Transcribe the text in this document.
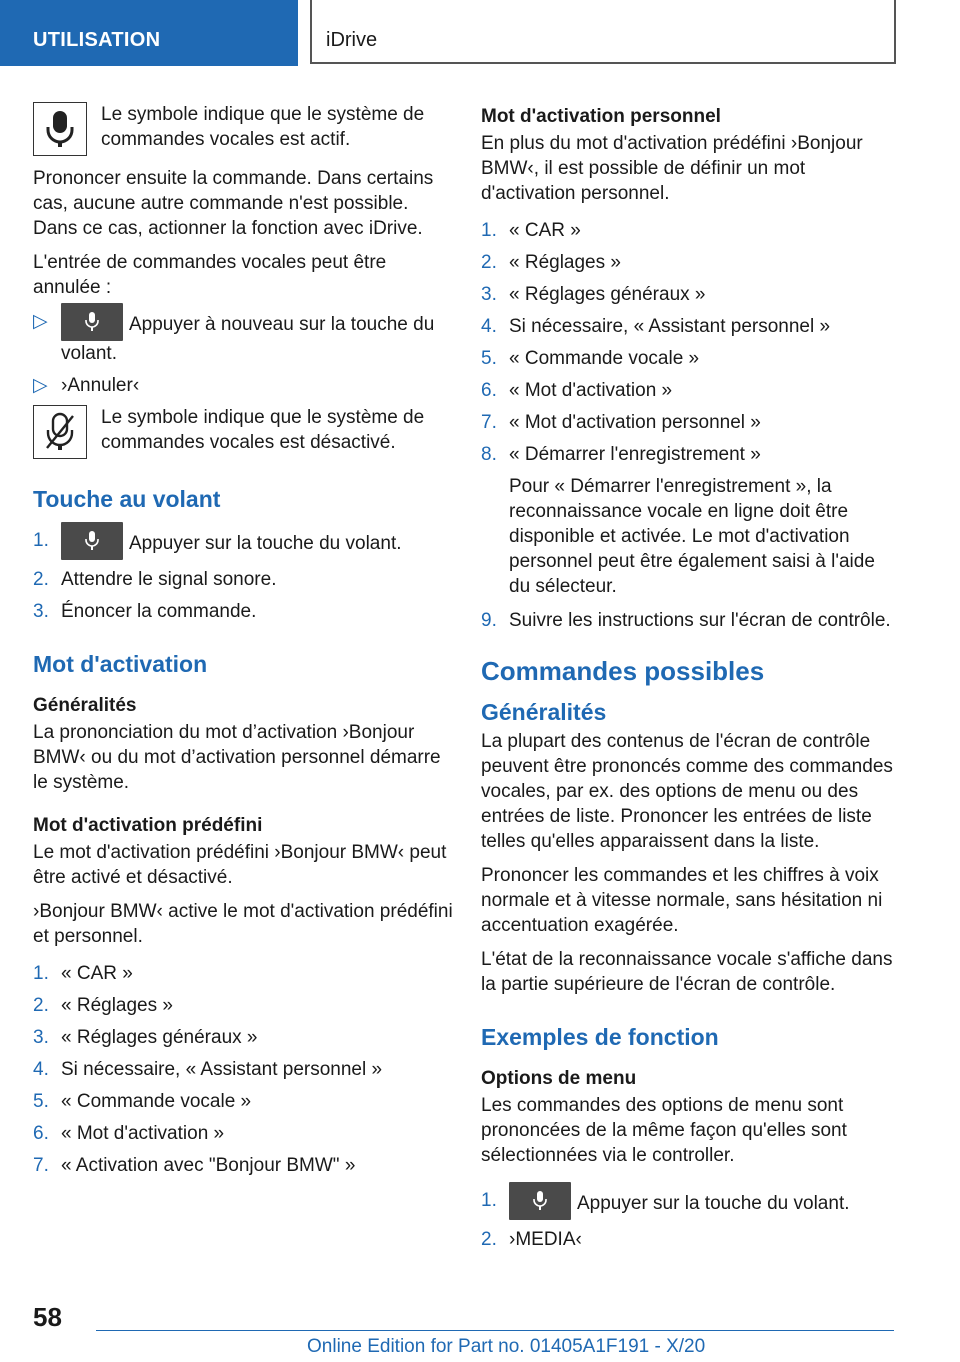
UTILISATION	iDrive
Le symbole indique que le système de commandes vocales est actif.

Prononcer ensuite la commande. Dans certains cas, aucune autre commande n'est possible. Dans ce cas, actionner la fonction avec iDrive.

L'entrée de commandes vocales peut être annulée :

▷	Appuyer à nouveau sur la touche du volant.
▷ ›Annuler‹
Le symbole indique que le système de commandes vocales est désactivé.
Touche au volant
1.	Appuyer sur la touche du volant.
2. Attendre le signal sonore.
3. Énoncer la commande.
Mot d'activation
Généralités

La prononciation du mot d’activation ›Bonjour BMW‹ ou du mot d’activation personnel démarre le système.

Mot d'activation prédéfini

Le mot d'activation prédéfini ›Bonjour BMW‹ peut être activé et désactivé.

›Bonjour BMW‹ active le mot d'activation prédéfini et personnel.

1. « CAR »
2. « Réglages »
3. « Réglages généraux »
4. Si nécessaire, « Assistant personnel »
5. « Commande vocale »
6. « Mot d'activation »
7. « Activation avec "Bonjour BMW" »
Mot d'activation personnel

En plus du mot d'activation prédéfini ›Bonjour BMW‹, il est possible de définir un mot d'activation personnel.

1. « CAR »
2. « Réglages »
3. « Réglages généraux »
4. Si nécessaire, « Assistant personnel »
5. « Commande vocale »
6. « Mot d'activation »
7. « Mot d'activation personnel »
8. « Démarrer l'enregistrement »

Pour « Démarrer l'enregistrement », la reconnaissance vocale en ligne doit être disponible et activée. Le mot d'activation personnel peut être également saisi à l'aide du sélecteur.

9. Suivre les instructions sur l'écran de contrôle.
Commandes possibles
Généralités

La plupart des contenus de l'écran de contrôle peuvent être prononcés comme des commandes vocales, par ex. des options de menu ou des entrées de liste. Prononcer les entrées de liste telles qu'elles apparaissent dans la liste.

Prononcer les commandes et les chiffres à voix normale et à vitesse normale, sans hésitation ni accentuation exagérée.

L'état de la reconnaissance vocale s'affiche dans la partie supérieure de l'écran de contrôle.

Exemples de fonction
Options de menu

Les commandes des options de menu sont prononcées de la même façon qu'elles sont sélectionnées via le controller.

1.	Appuyer sur la touche du volant.
2. ›MEDIA‹
58
Online Edition for Part no. 01405A1F191 - X/20
